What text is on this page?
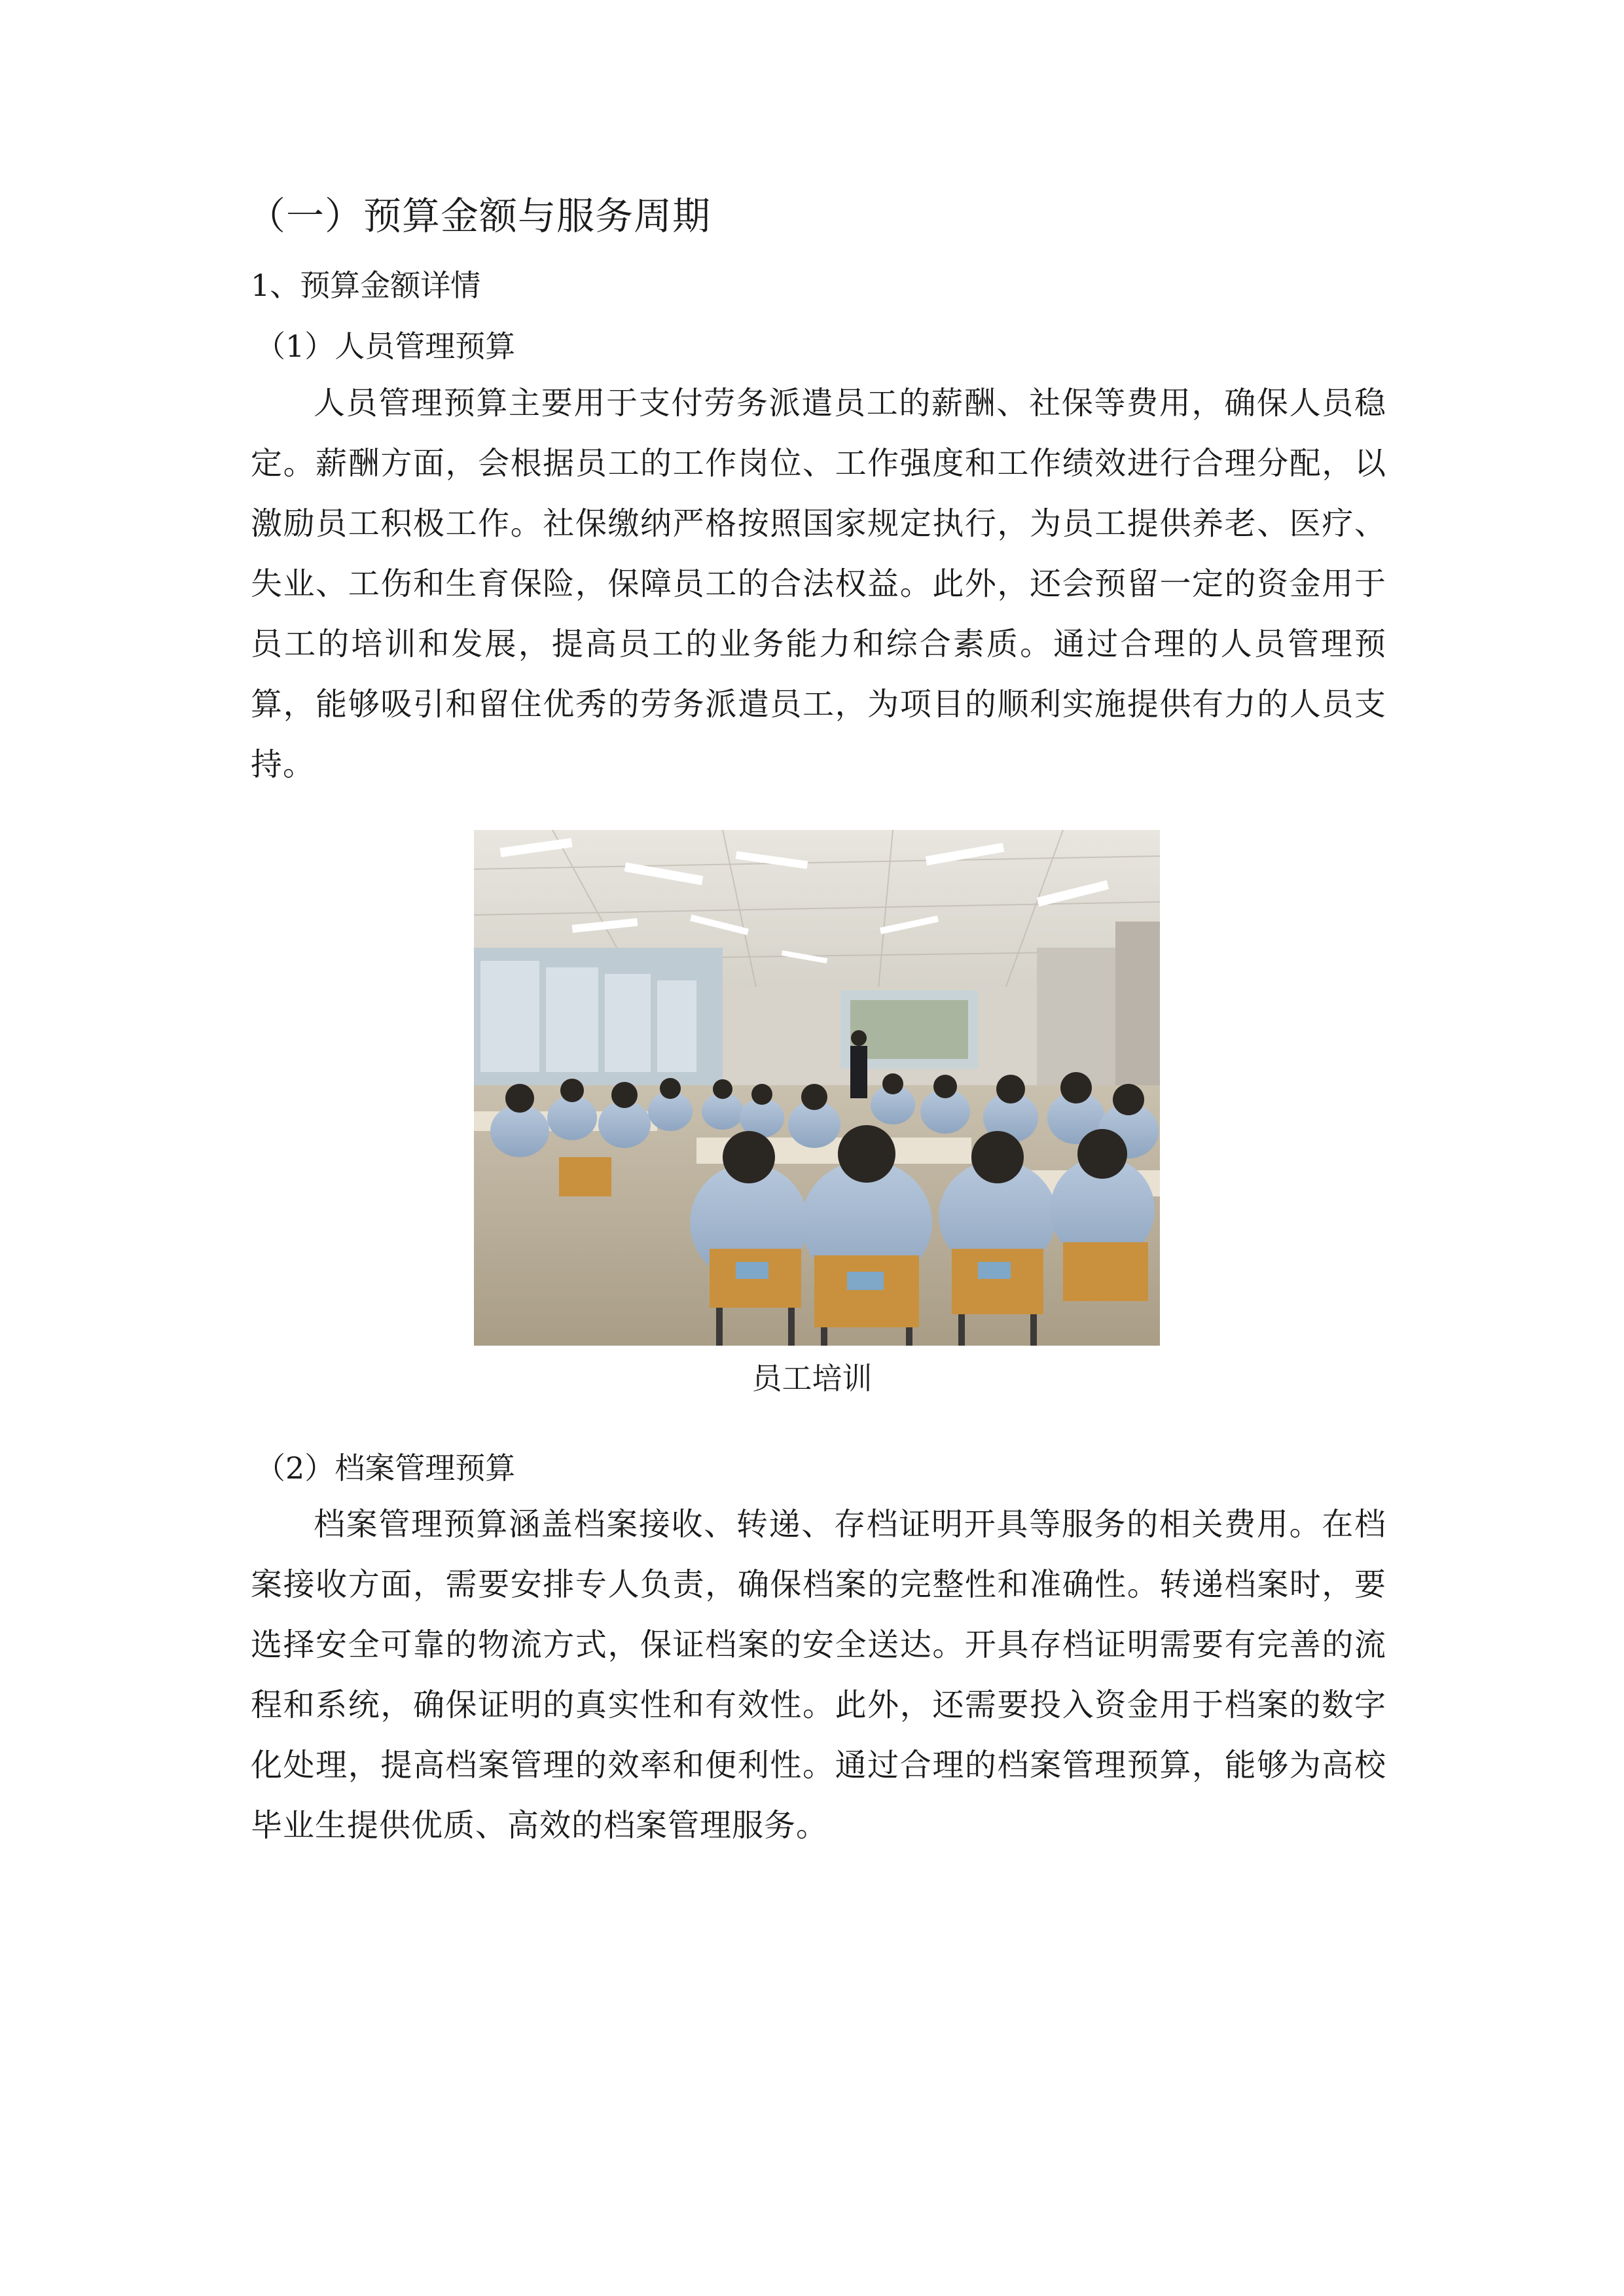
（一）预算金额与服务周期
1、预算金额详情
（1）人员管理预算

人员管理预算主要用于支付劳务派遣员工的薪酬、社保等费用，确保人员稳定。薪酬方面，会根据员工的工作岗位、工作强度和工作绩效进行合理分配，以激励员工积极工作。社保缴纳严格按照国家规定执行，为员工提供养老、医疗、失业、工伤和生育保险，保障员工的合法权益。此外，还会预留一定的资金用于员工的培训和发展，提高员工的业务能力和综合素质。通过合理的人员管理预算，能够吸引和留住优秀的劳务派遣员工，为项目的顺利实施提供有力的人员支持。

员工培训
（2）档案管理预算

档案管理预算涵盖档案接收、转递、存档证明开具等服务的相关费用。在档案接收方面，需要安排专人负责，确保档案的完整性和准确性。转递档案时，要选择安全可靠的物流方式，保证档案的安全送达。开具存档证明需要有完善的流程和系统，确保证明的真实性和有效性。此外，还需要投入资金用于档案的数字化处理，提高档案管理的效率和便利性。通过合理的档案管理预算，能够为高校毕业生提供优质、高效的档案管理服务。
